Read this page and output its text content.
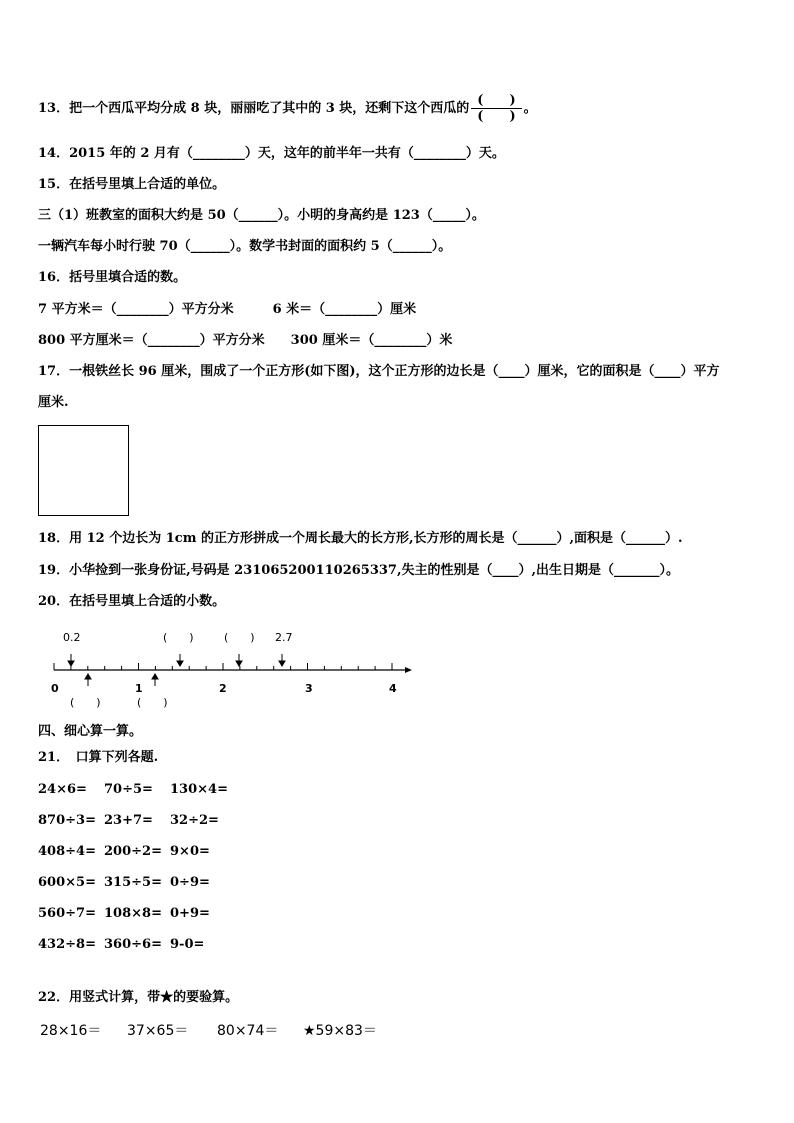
13．把一个西瓜平均分成 8 块，丽丽吃了其中的 3 块，还剩下这个西瓜的 $\frac{( )}{( )}$ 。
14．2015 年的 2 月有（________）天，这年的前半年一共有（________）天。
15．在括号里填上合适的单位。
三（1）班教室的面积大约是 50（______）。小明的身高约是 123（_____）。
一辆汽车每小时行驶 70（______）。数学书封面的面积约 5（______）。
16．括号里填合适的数。
7 平方米＝（________）平方分米　　　6 米＝（________）厘米
800 平方厘米＝（________）平方分米　　300 厘米＝（________）米
17．一根铁丝长 96 厘米，围成了一个正方形(如下图)，这个正方形的边长是（____）厘米，它的面积是（____）平方
厘米.
18．用 12 个边长为 1cm 的正方形拼成一个周长最大的长方形,长方形的周长是（______）,面积是（______）.
19．小华捡到一张身份证,号码是 231065200110265337,失主的性别是（____）,出生日期是（_______）。
20．在括号里填上合适的小数。
0.2	(　　)	(　　) 2.7
0	1	2	3	4
(　　)	(　　)
四、细心算一算。
21．　口算下列各题.
24×6= 70÷5= 130×4=
870÷3= 23+7= 32÷2=
408÷4= 200÷2= 9×0=
600×5= 315÷5= 0÷9=
560÷7= 108×8= 0+9=
432÷8= 360÷6= 9-0=
22．用竖式计算，带★的要验算。
28×16＝ 37×65＝ 80×74＝ ★59×83＝
